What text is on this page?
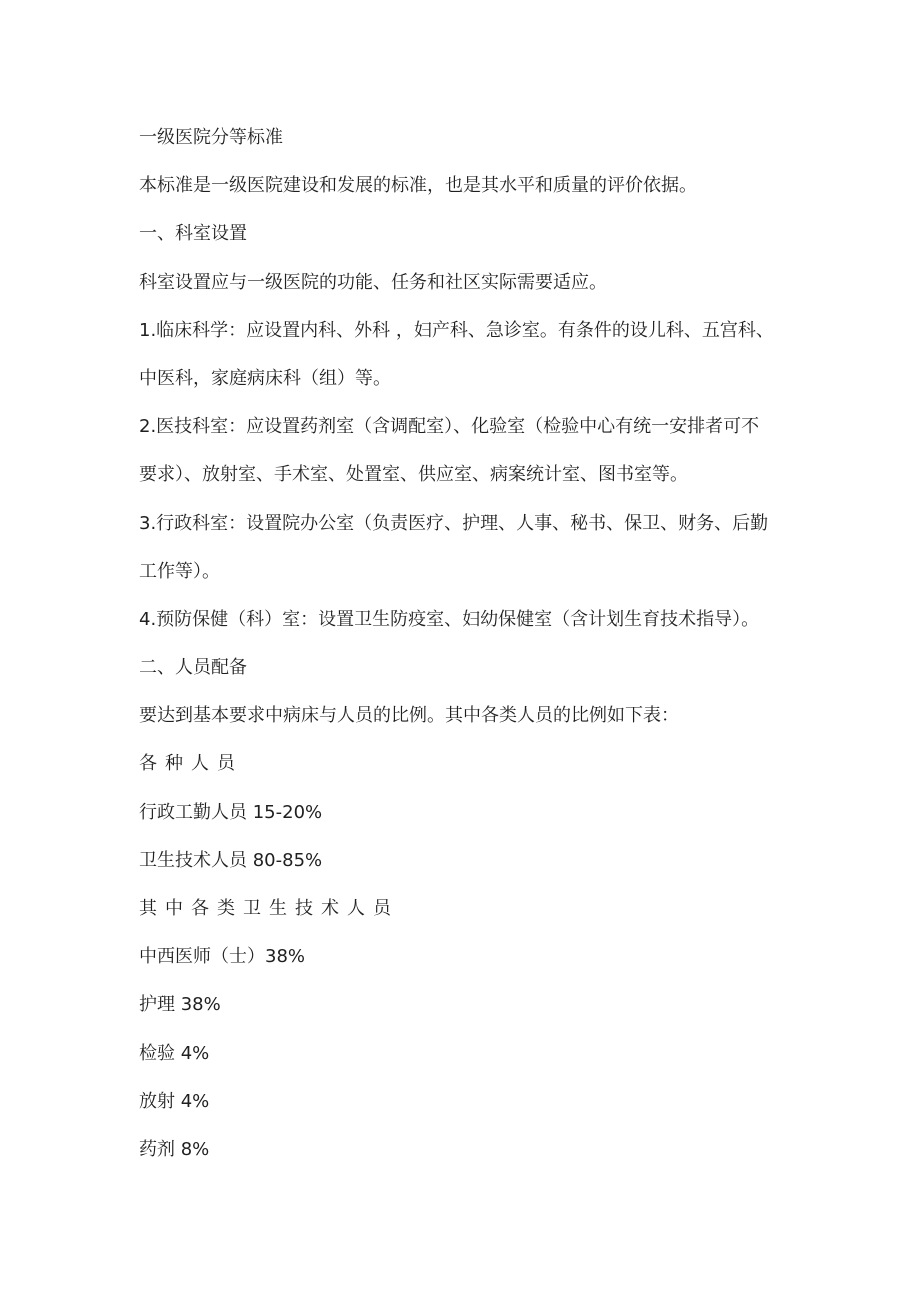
一级医院分等标准
本标准是一级医院建设和发展的标准，也是其水平和质量的评价依据。
一、科室设置
科室设置应与一级医院的功能、任务和社区实际需要适应。
1.临床科学：应设置内科、外科 ，妇产科、急诊室。有条件的设儿科、五宫科、
中医科，家庭病床科（组）等。
2.医技科室：应设置药剂室（含调配室）、化验室（检验中心有统一安排者可不
要求）、放射室、手术室、处置室、供应室、病案统计室、图书室等。
3.行政科室：设置院办公室（负责医疗、护理、人事、秘书、保卫、财务、后勤
工作等）。
4.预防保健（科）室：设置卫生防疫室、妇幼保健室（含计划生育技术指导）。
二、人员配备
要达到基本要求中病床与人员的比例。其中各类人员的比例如下表：
各种人员
行政工勤人员 15-20%
卫生技术人员 80-85%
其中各类卫生技术人员
中西医师（士）38%
护理 38%
检验 4%
放射 4%
药剂 8%
